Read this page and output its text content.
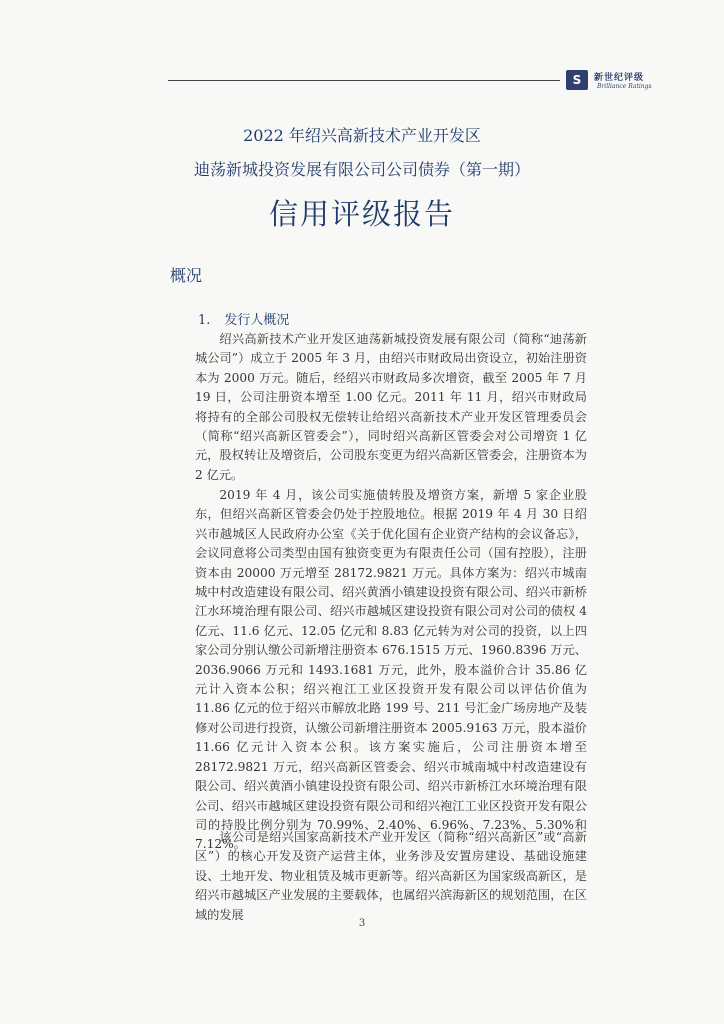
S	新世纪评级
Brilliance Ratings
2022 年绍兴高新技术产业开发区
迪荡新城投资发展有限公司公司债券（第一期）
信用评级报告
概况
1. 发行人概况

绍兴高新技术产业开发区迪荡新城投资发展有限公司（简称“迪荡新城公司”）成立于 2005 年 3 月，由绍兴市财政局出资设立，初始注册资本为 2000 万元。随后，经绍兴市财政局多次增资，截至 2005 年 7 月 19 日，公司注册资本增至 1.00 亿元。2011 年 11 月，绍兴市财政局将持有的全部公司股权无偿转让给绍兴高新技术产业开发区管理委员会（简称“绍兴高新区管委会”），同时绍兴高新区管委会对公司增资 1 亿元，股权转让及增资后，公司股东变更为绍兴高新区管委会，注册资本为 2 亿元。

2019 年 4 月，该公司实施债转股及增资方案，新增 5 家企业股东，但绍兴高新区管委会仍处于控股地位。根据 2019 年 4 月 30 日绍兴市越城区人民政府办公室《关于优化国有企业资产结构的会议备忘》，会议同意将公司类型由国有独资变更为有限责任公司（国有控股），注册资本由 20000 万元增至 28172.9821 万元。具体方案为：绍兴市城南城中村改造建设有限公司、绍兴黄酒小镇建设投资有限公司、绍兴市新桥江水环境治理有限公司、绍兴市越城区建设投资有限公司对公司的债权 4 亿元、11.6 亿元、12.05 亿元和 8.83 亿元转为对公司的投资，以上四家公司分别认缴公司新增注册资本 676.1515 万元、1960.8396 万元、2036.9066 万元和 1493.1681 万元，此外，股本溢价合计 35.86 亿元计入资本公积；绍兴袍江工业区投资开发有限公司以评估价值为 11.86 亿元的位于绍兴市解放北路 199 号、211 号汇金广场房地产及装修对公司进行投资，认缴公司新增注册资本 2005.9163 万元，股本溢价 11.66 亿元计入资本公积。该方案实施后，公司注册资本增至 28172.9821 万元，绍兴高新区管委会、绍兴市城南城中村改造建设有限公司、绍兴黄酒小镇建设投资有限公司、绍兴市新桥江水环境治理有限公司、绍兴市越城区建设投资有限公司和绍兴袍江工业区投资开发有限公司的持股比例分别为 70.99%、2.40%、6.96%、7.23%、5.30%和 7.12%。

该公司是绍兴国家高新技术产业开发区（简称“绍兴高新区”或“高新区”）的核心开发及资产运营主体，业务涉及安置房建设、基础设施建设、土地开发、物业租赁及城市更新等。绍兴高新区为国家级高新区，是绍兴市越城区产业发展的主要载体，也属绍兴滨海新区的规划范围，在区域的发展

3
